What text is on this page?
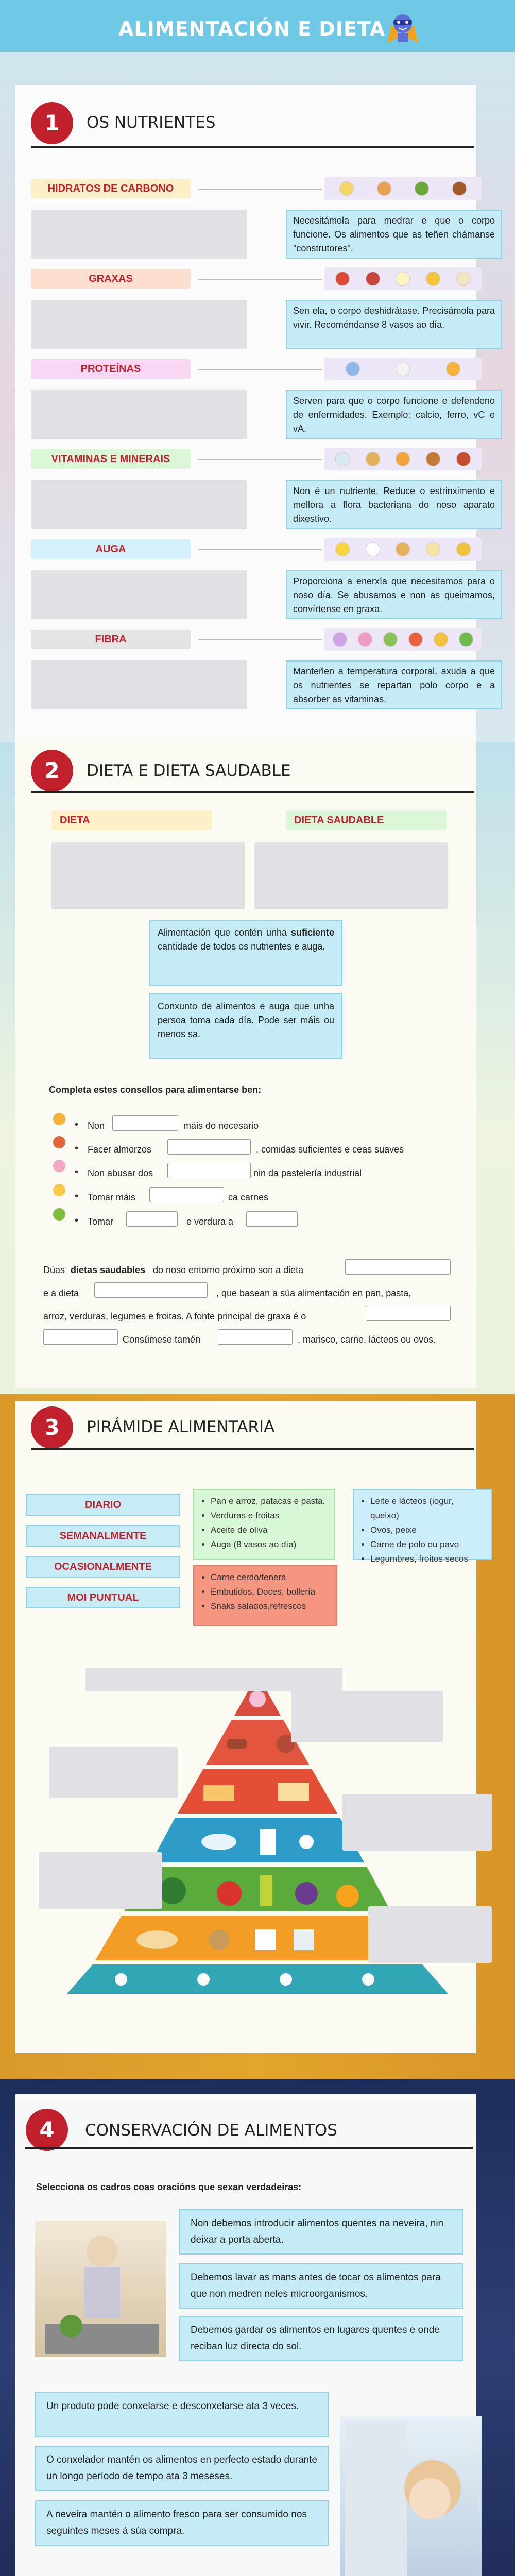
ALIMENTACIÓN E DIETA
1	OS NUTRIENTES
HIDRATOS DE CARBONO
Necesitámola para medrar e que o corpo funcione. Os alimentos que as teñen chámanse "construtores".
GRAXAS
Sen ela, o corpo deshidrátase. Precisámola para vivir. Recoméndanse 8 vasos ao día.
PROTEÍNAS
Serven para que o corpo funcione e defendeno de enfermidades. Exemplo: calcio, ferro, vC e vA.
VITAMINAS E MINERAIS
Non é un nutriente. Reduce o estrinximento e mellora a flora bacteriana do noso aparato dixestivo.
AUGA
Proporciona a enerxía que necesitamos para o noso día. Se abusamos e non as queimamos, convírtense en graxa.
FIBRA
Manteñen a temperatura corporal, axuda a que os nutrientes se repartan polo corpo e a absorber as vitaminas.
2	DIETA E DIETA SAUDABLE
DIETA	DIETA SAUDABLE
Alimentación que contén unha suficiente cantidade de todos os nutrientes e auga.
Conxunto de alimentos e auga que unha persoa toma cada día. Pode ser máis ou menos sa.
Completa estes consellos para alimentarse ben:
• Non	máis do necesario
• Facer almorzos	, comidas suficientes e ceas suaves
• Non abusar dos	nin da pastelería industrial
• Tomar máis	ca carnes
• Tomar	e verdura a
Dúas dietas saudables do noso entorno próximo son a dieta
e a dieta	, que basean a súa alimentación en pan, pasta,
arroz, verduras, legumes e froitas. A fonte principal de graxa é o
Consúmese tamén	, marisco, carne, lácteos ou ovos.
3	PIRÁMIDE ALIMENTARIA
DIARIO
SEMANALMENTE
OCASIONALMENTE
MOI PUNTUAL
• Pan e arroz, patacas e pasta.
• Verduras e froitas
• Aceite de oliva
• Auga (8 vasos ao día)
• Leite e lácteos (iogur, queixo)
• Ovos, peixe
• Carne de polo ou pavo
• Legumbres, froitos secos
• Carne cerdo/tenera
• Embutidos, Doces, bollería
• Snaks salados,refrescos
4	CONSERVACIÓN DE ALIMENTOS
Selecciona os cadros coas oracións que sexan verdadeiras:
Non debemos introducir alimentos quentes na neveira, nin deixar a porta aberta.
Debemos lavar as mans antes de tocar os alimentos para que non medren neles microorganismos.
Debemos gardar os alimentos en lugares quentes e onde reciban luz directa do sol.
Un produto pode conxelarse e desconxelarse ata 3 veces.
O conxelador mantén os alimentos en perfecto estado durante un longo período de tempo ata 3 meseses.
A neveira mantén o alimento fresco para ser consumido nos seguintes meses á súa compra.
